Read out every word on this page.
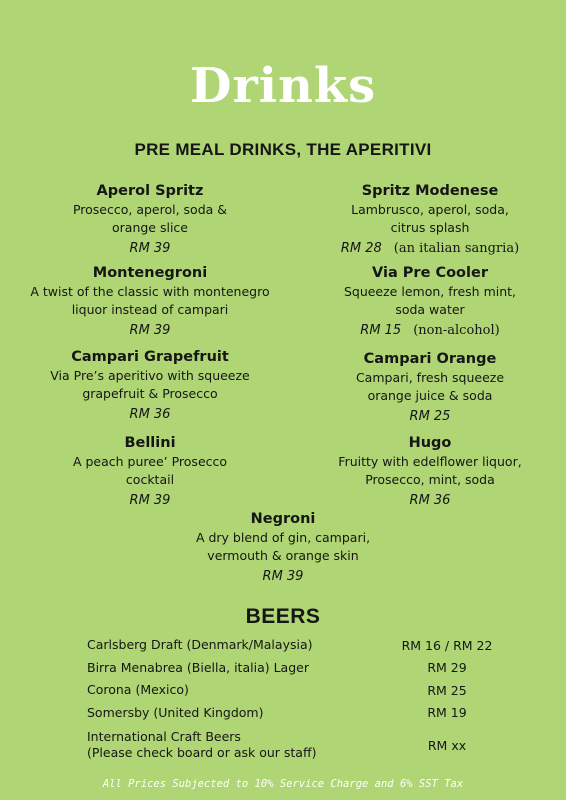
Drinks
PRE MEAL DRINKS, THE APERITIVI
Aperol Spritz
Prosecco, aperol, soda &
orange slice
RM 39
Spritz Modenese
Lambrusco, aperol, soda,
citrus splash
RM 28 (an italian sangria)
Montenegroni
A twist of the classic with montenegro
liquor instead of campari
RM 39
Via Pre Cooler
Squeeze lemon, fresh mint,
soda water
RM 15 (non-alcohol)
Campari Grapefruit
Via Pre’s aperitivo with squeeze
grapefruit & Prosecco
RM 36
Campari Orange
Campari, fresh squeeze
orange juice & soda
RM 25
Bellini
A peach puree’ Prosecco
cocktail
RM 39
Hugo
Fruitty with edelflower liquor,
Prosecco, mint, soda
RM 36
Negroni
A dry blend of gin, campari,
vermouth & orange skin
RM 39
BEERS
Carlsberg Draft (Denmark/Malaysia)	RM 16 / RM 22
Birra Menabrea (Biella, italia) Lager	RM 29
Corona (Mexico)	RM 25
Somersby (United Kingdom)	RM 19
International Craft Beers
(Please check board or ask our staff)	RM xx
All Prices Subjected to 10% Service Charge and 6% SST Tax
